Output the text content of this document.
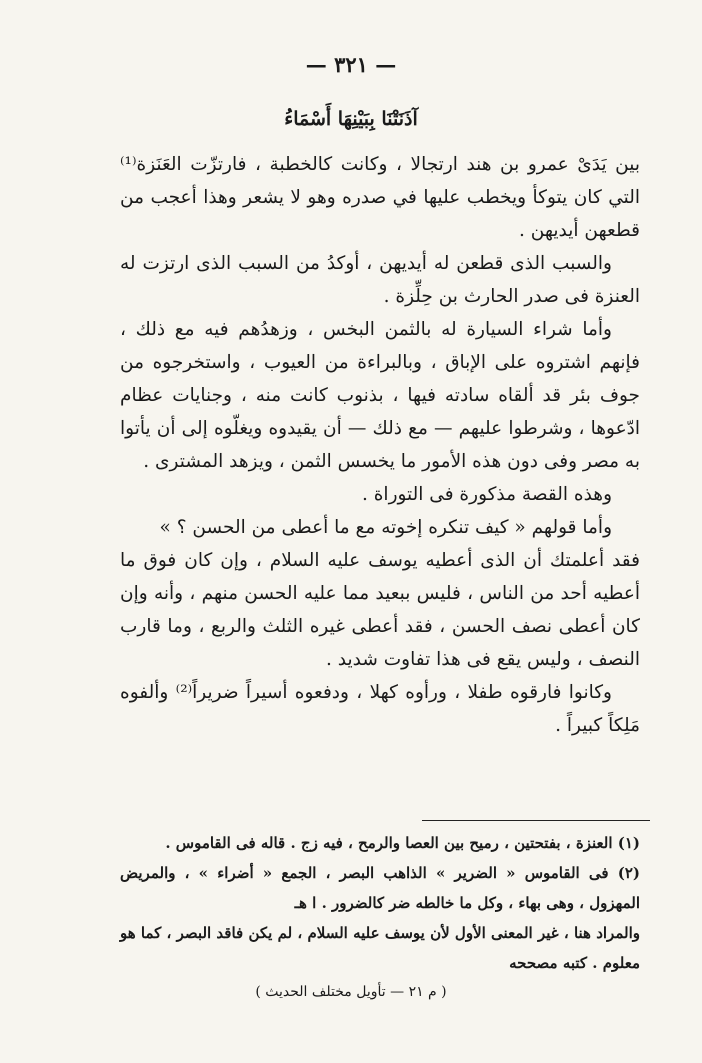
— ٣٢١ —
آذَنَتْنَا بِبَيْنِهَا أَسْمَاءُ

بين يَدَىْ عمرو بن هند ارتجالا ، وكانت كالخطبة ، فارتزّت العَنَزة⁽¹⁾ التي كان يتوكأ ويخطب عليها في صدره وهو لا يشعر وهذا أعجب من قطعهن أيديهن .

والسبب الذى قطعن له أيديهن ، أوكدُ من السبب الذى ارتزت له العنزة فى صدر الحارث بن حِلِّزة .

وأما شراء السيارة له بالثمن البخس ، وزهدُهم فيه مع ذلك ، فإنهم اشتروه على الإباق ، وبالبراءة من العيوب ، واستخرجوه من جوف بئر قد ألقاه سادته فيها ، بذنوب كانت منه ، وجنايات عظام ادّعوها ، وشرطوا عليهم — مع ذلك — أن يقيدوه ويغلّوه إلى أن يأتوا به مصر وفى دون هذه الأمور ما يخسس الثمن ، ويزهد المشترى .

وهذه القصة مذكورة فى التوراة .

وأما قولهم « كيف تنكره إخوته مع ما أعطى من الحسن ؟ »

فقد أعلمتك أن الذى أعطيه يوسف عليه السلام ، وإن كان فوق ما أعطيه أحد من الناس ، فليس ببعيد مما عليه الحسن منهم ، وأنه وإن كان أعطى نصف الحسن ، فقد أعطى غيره الثلث والربع ، وما قارب النصف ، وليس يقع فى هذا تفاوت شديد .

وكانوا فارقوه طفلا ، ورأوه كهلا ، ودفعوه أسيراً ضريراً⁽²⁾ وألفوه مَلِكاً كبيراً .

(١) العنزة ، بفتحتين ، رميح بين العصا والرمح ، فيه زج . قاله فى القاموس .

(٢) فى القاموس « الضرير » الذاهب البصر ، الجمع « أضراء » ، والمريض المهزول ، وهى بهاء ، وكل ما خالطه ضر كالضرور . ا هـ

والمراد هنا ، غير المعنى الأول لأن يوسف عليه السلام ، لم يكن فاقد البصر ، كما هو معلوم . كتبه مصححه

( م ٢١ — تأويل مختلف الحديث )
